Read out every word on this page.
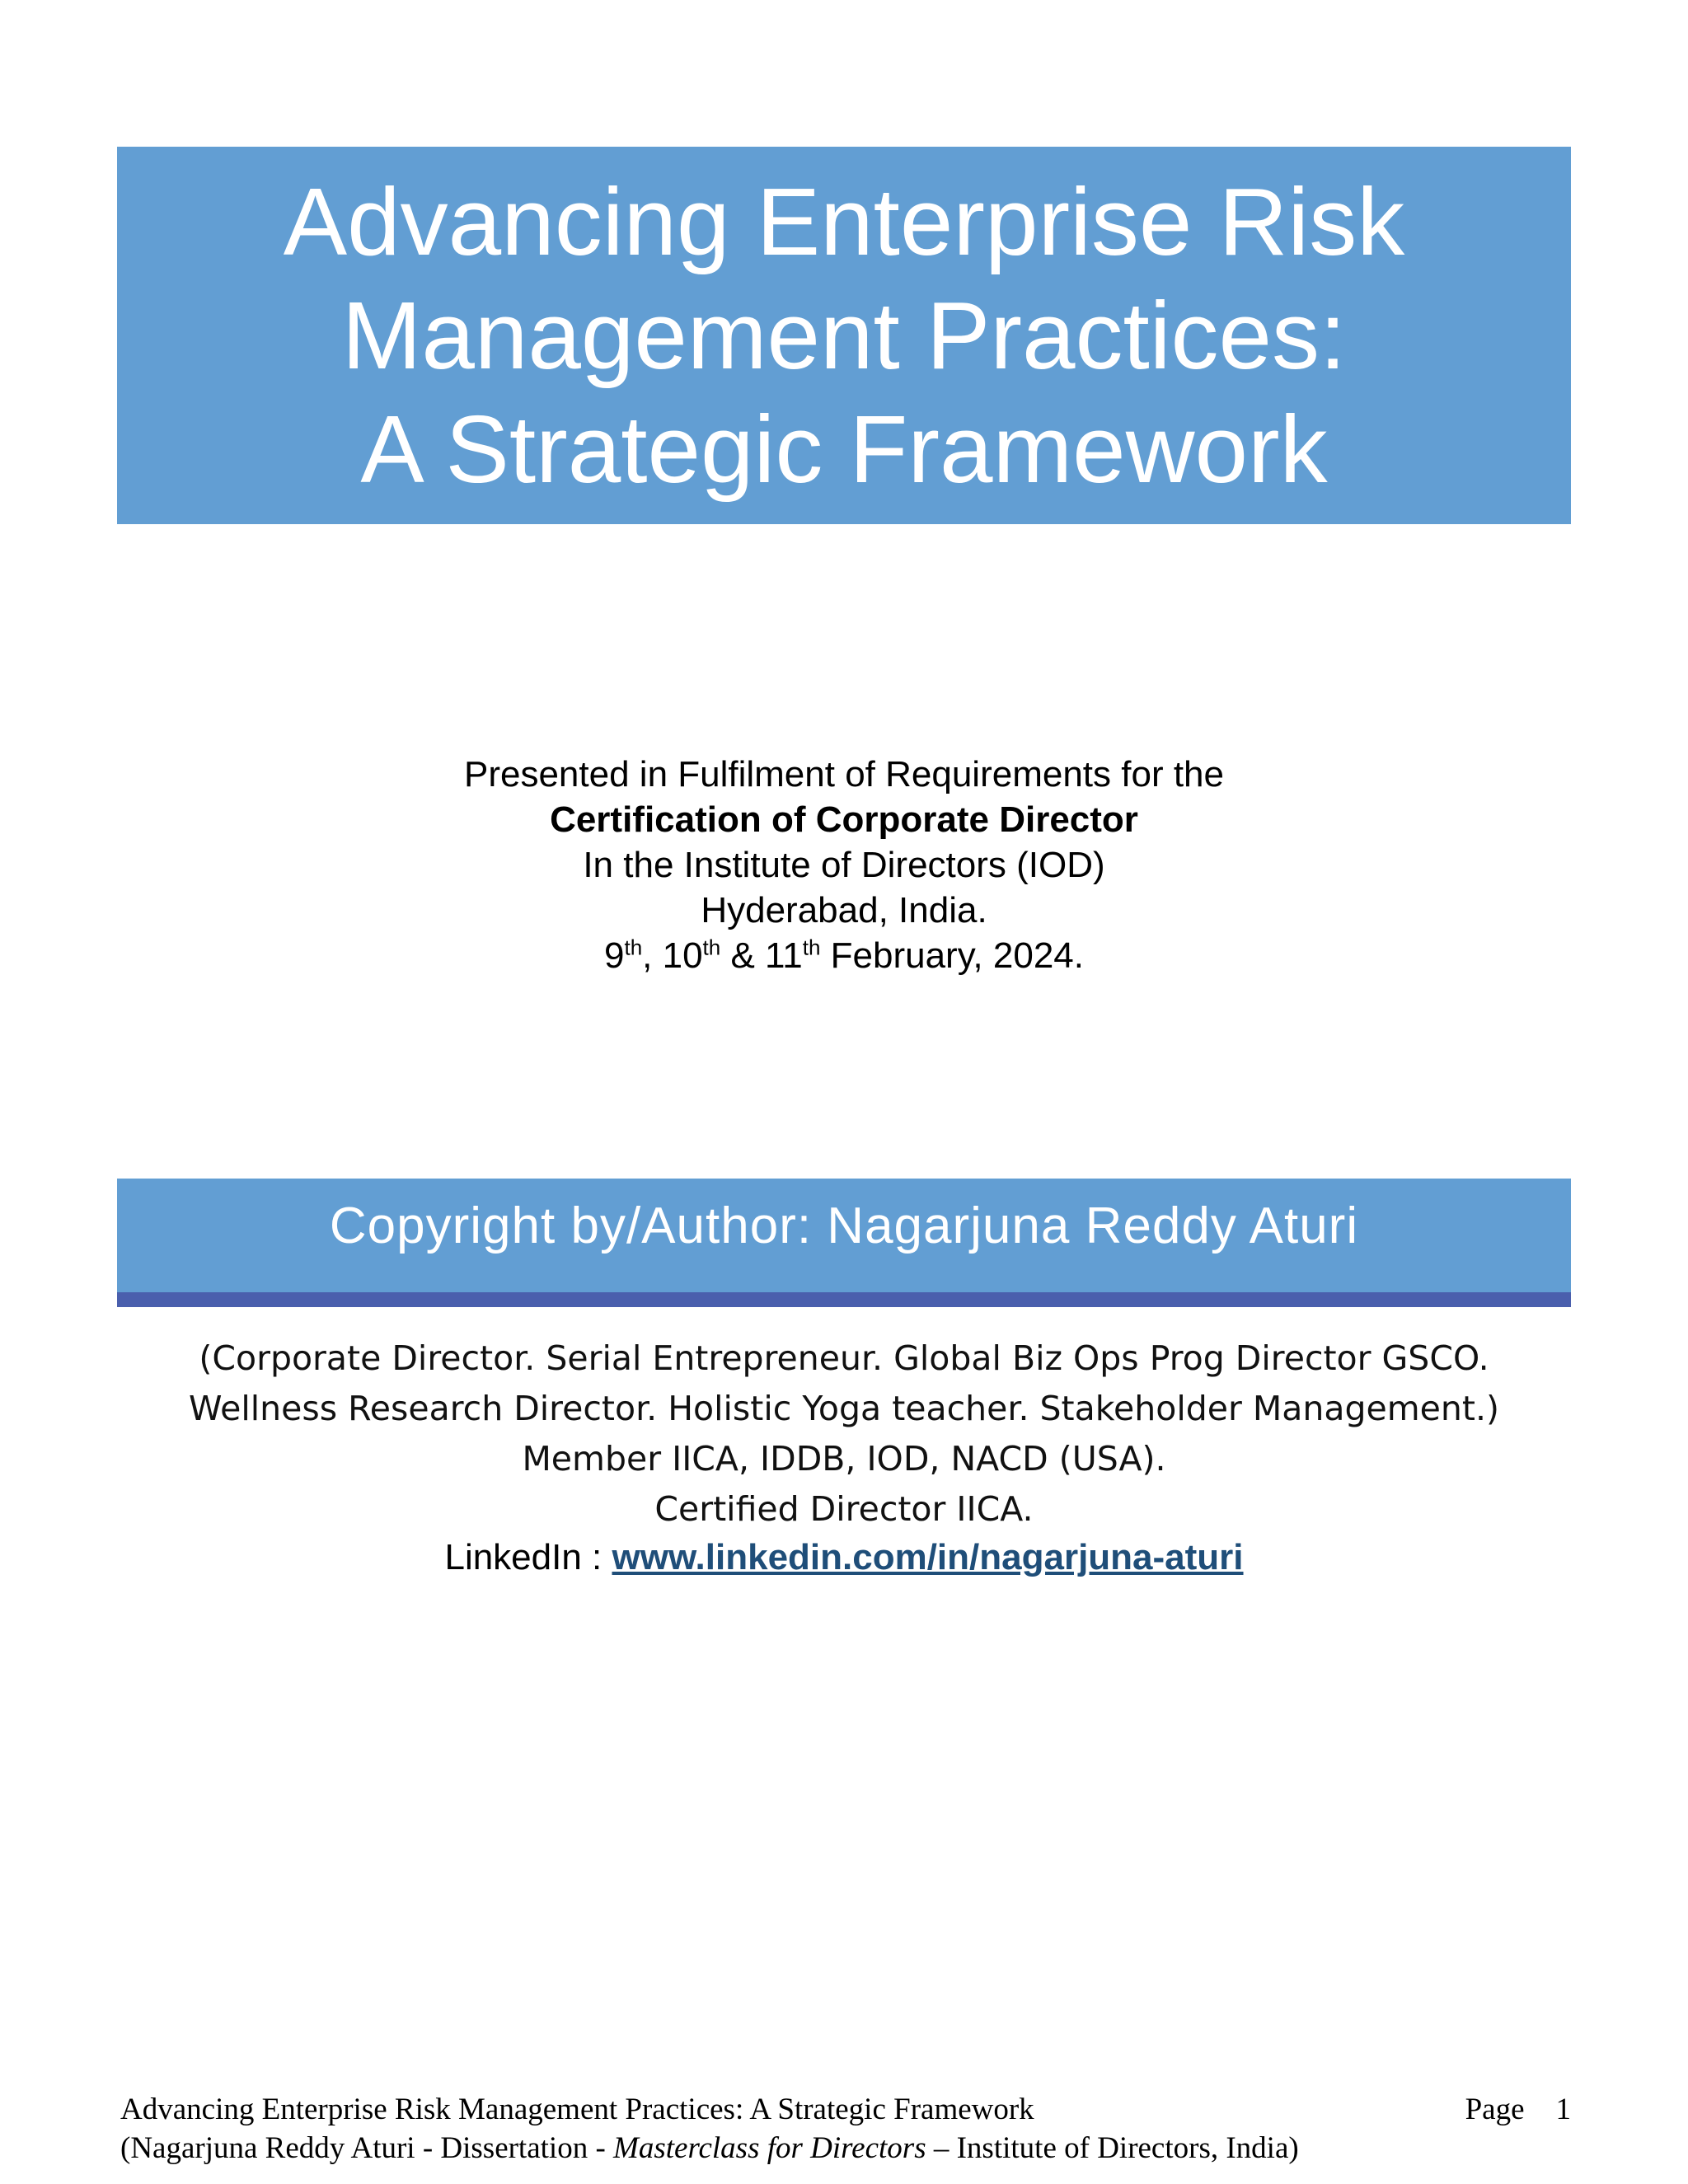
Advancing Enterprise Risk
Management Practices:
A Strategic Framework
Presented in Fulfilment of Requirements for the
Certification of Corporate Director
In the Institute of Directors (IOD)
Hyderabad, India.
9th, 10th & 11th February, 2024.
Copyright by/Author: Nagarjuna Reddy Aturi
(Corporate Director. Serial Entrepreneur. Global Biz Ops Prog Director GSCO.
Wellness Research Director. Holistic Yoga teacher. Stakeholder Management.)
Member IICA, IDDB, IOD, NACD (USA).
Certified Director IICA.
LinkedIn : www.linkedin.com/in/nagarjuna-aturi
Advancing Enterprise Risk Management Practices: A Strategic Framework	Page 1
(Nagarjuna Reddy Aturi - Dissertation - Masterclass for Directors – Institute of Directors, India)
